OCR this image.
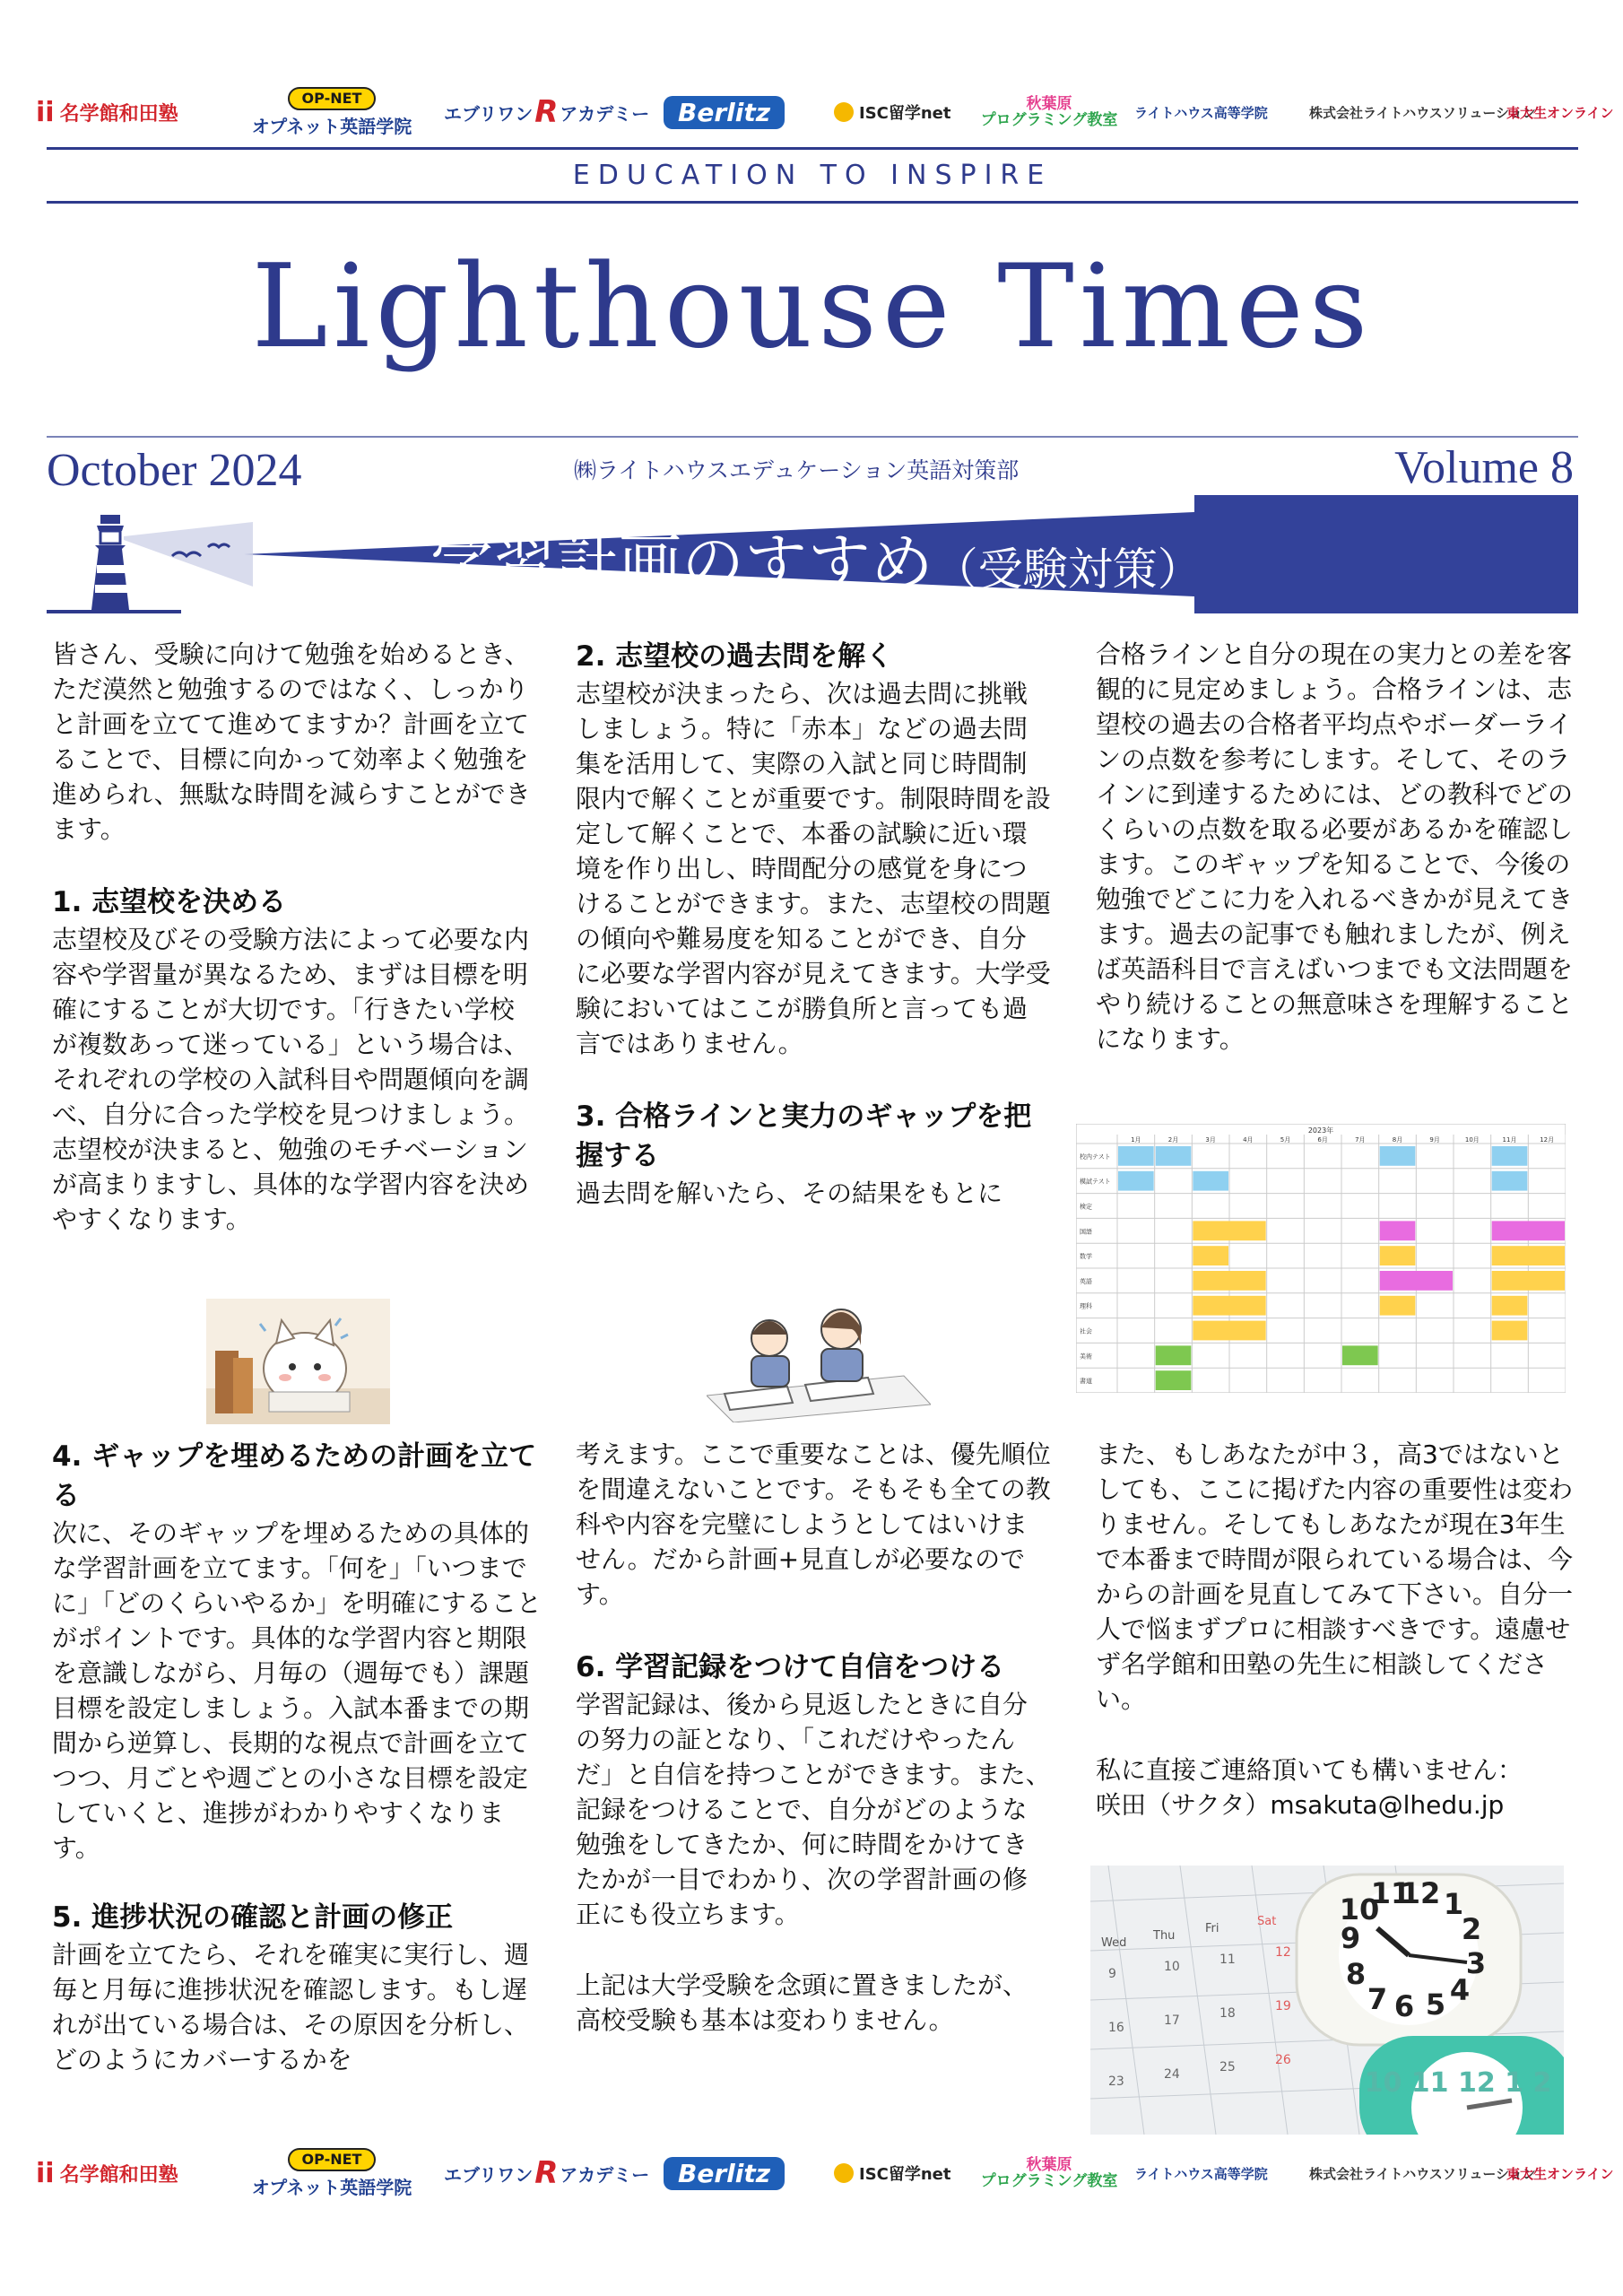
ii 名学館和田塾
OP-NET
オプネット英語学院
エブリワン R アカデミー	Berlitz	ISC留学net	秋葉原
プログラミング教室 ライトハウス高等学院	株式会社ライトハウスソリューション
東大生オンライン
EDUCATION TO INSPIRE
Lighthouse Times
October 2024	㈱ライトハウスエデュケーション英語対策部	Volume 8
学習計画のすすめ（受験対策）

皆さん、受験に向けて勉強を始めるとき、ただ漠然と勉強するのではなく、しっかりと計画を立てて進めてますか？計画を立てることで、目標に向かって効率よく勉強を進められ、無駄な時間を減らすことができます。

1. 志望校を決める

志望校及びその受験方法によって必要な内容や学習量が異なるため、まずは目標を明確にすることが大切です。「行きたい学校が複数あって迷っている」という場合は、それぞれの学校の入試科目や問題傾向を調べ、自分に合った学校を見つけましょう。志望校が決まると、勉強のモチベーションが高まりますし、具体的な学習内容を決めやすくなります。

2. 志望校の過去問を解く

志望校が決まったら、次は過去問に挑戦しましょう。特に「赤本」などの過去問集を活用して、実際の入試と同じ時間制限内で解くことが重要です。制限時間を設定して解くことで、本番の試験に近い環境を作り出し、時間配分の感覚を身につけることができます。また、志望校の問題の傾向や難易度を知ることができ、自分に必要な学習内容が見えてきます。大学受験においてはここが勝負所と言っても過言ではありません。

3. 合格ラインと実力のギャップを把握する

過去問を解いたら、その結果をもとに

合格ラインと自分の現在の実力との差を客観的に見定めましょう。合格ラインは、志望校の過去の合格者平均点やボーダーラインの点数を参考にします。そして、そのラインに到達するためには、どの教科でどのくらいの点数を取る必要があるかを確認します。このギャップを知ることで、今後の勉強でどこに力を入れるべきかが見えてきます。過去の記事でも触れましたが、例えば英語科目で言えばいつまでも文法問題をやり続けることの無意味さを理解することになります。

2023年
1月	2月	3月	4月	5月	6月	7月	8月	9月	10月	11月	12月
校内テスト
模試テスト
検定
国語
数学
英語
理科
社会
美術
書道
4. ギャップを埋めるための計画を立てる

次に、そのギャップを埋めるための具体的な学習計画を立てます。「何を」「いつまでに」「どのくらいやるか」を明確にすることがポイントです。具体的な学習内容と期限を意識しながら、月毎の（週毎でも）課題目標を設定しましょう。入試本番までの期間から逆算し、長期的な視点で計画を立てつつ、月ごとや週ごとの小さな目標を設定していくと、進捗がわかりやすくなります。

5. 進捗状況の確認と計画の修正

計画を立てたら、それを確実に実行し、週毎と月毎に進捗状況を確認します。もし遅れが出ている場合は、その原因を分析し、どのようにカバーするかを

考えます。ここで重要なことは、優先順位を間違えないことです。そもそも全ての教科や内容を完璧にしようとしてはいけません。だから計画+見直しが必要なのです。

6. 学習記録をつけて自信をつける

学習記録は、後から見返したときに自分の努力の証となり、「これだけやったんだ」と自信を持つことができます。また、記録をつけることで、自分がどのような勉強をしてきたか、何に時間をかけてきたかが一目でわかり、次の学習計画の修正にも役立ちます。

上記は大学受験を念頭に置きましたが、高校受験も基本は変わりません。

また、もしあなたが中３，高3ではないとしても、ここに掲げた内容の重要性は変わりません。そしてもしあなたが現在3年生で本番まで時間が限られている場合は、今からの計画を見直してみて下さい。自分一人で悩まずプロに相談すべきです。遠慮せず名学館和田塾の先生に相談してください。

私に直接ご連絡頂いても構いません：

咲田（サクタ）msakuta@lhedu.jp

Wed
Thu
Fri
Sat
9	10	11	12
16	17	18	19
23	24	25	26
10
11
12 1
2
9
3
8
7 6 5 4
10 11 12 1 2
ii 名学館和田塾
OP-NET
オプネット英語学院
エブリワン R アカデミー	Berlitz	ISC留学net	秋葉原
プログラミング教室 ライトハウス高等学院	株式会社ライトハウスソリューション
東大生オンライン
